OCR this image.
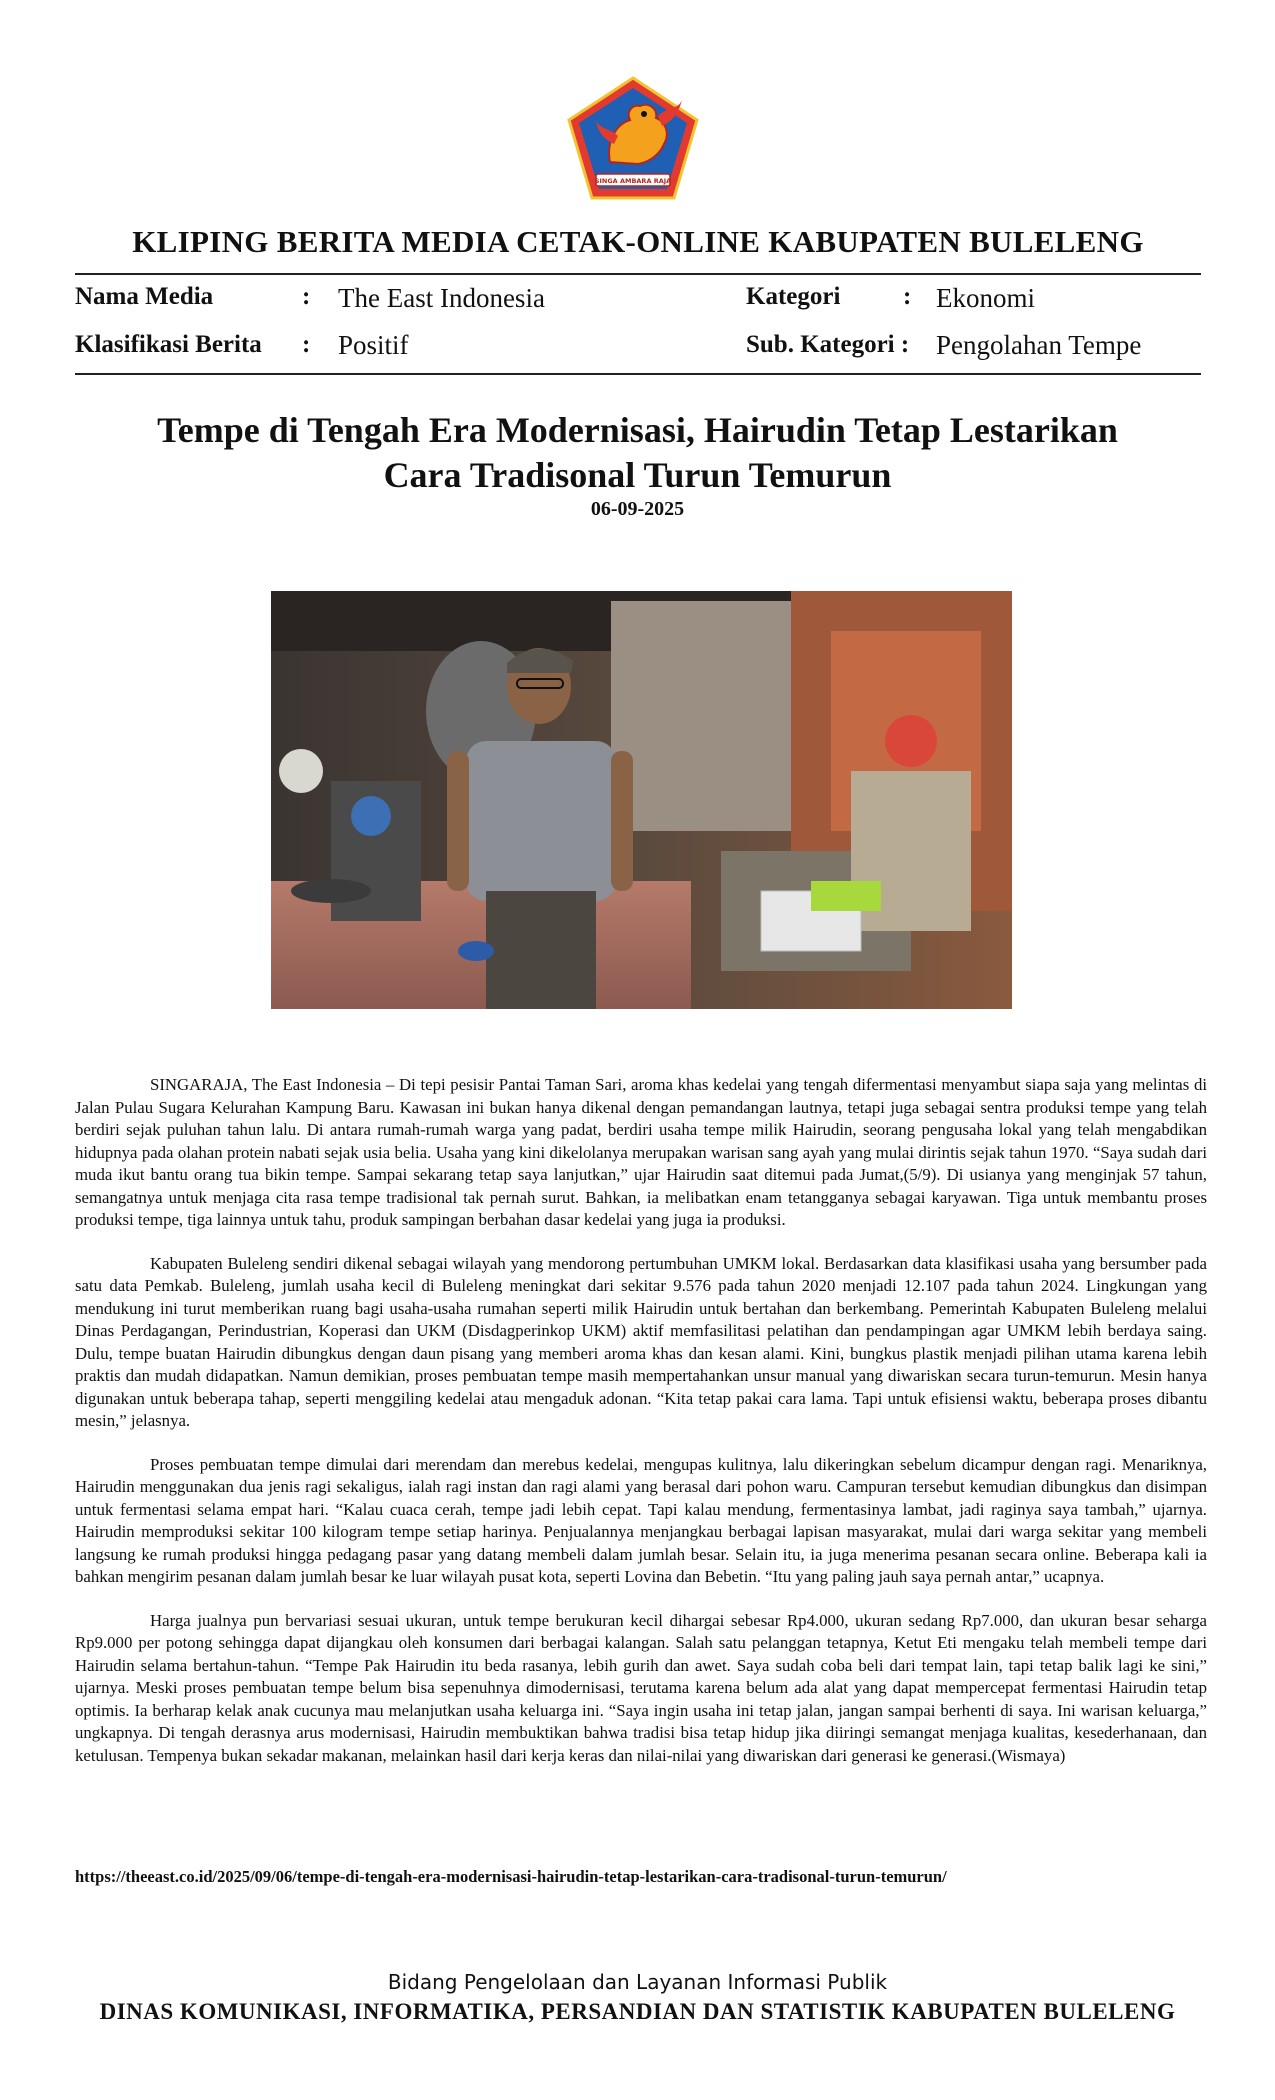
SINGA AMBARA RAJA
KLIPING BERITA MEDIA CETAK-ONLINE KABUPATEN BULELENG
Nama Media	: The East Indonesia	Kategori	: Ekonomi
Klasifikasi Berita : Positif	Sub. Kategori : Pengolahan Tempe
Tempe di Tengah Era Modernisasi, Hairudin Tetap Lestarikan
Cara Tradisonal Turun Temurun
06-09-2025

SINGARAJA, The East Indonesia – Di tepi pesisir Pantai Taman Sari, aroma khas kedelai yang tengah difermentasi menyambut siapa saja yang melintas di Jalan Pulau Sugara Kelurahan Kampung Baru. Kawasan ini bukan hanya dikenal dengan pemandangan lautnya, tetapi juga sebagai sentra produksi tempe yang telah berdiri sejak puluhan tahun lalu. Di antara rumah-rumah warga yang padat, berdiri usaha tempe milik Hairudin, seorang pengusaha lokal yang telah mengabdikan hidupnya pada olahan protein nabati sejak usia belia. Usaha yang kini dikelolanya merupakan warisan sang ayah yang mulai dirintis sejak tahun 1970. “Saya sudah dari muda ikut bantu orang tua bikin tempe. Sampai sekarang tetap saya lanjutkan,” ujar Hairudin saat ditemui pada Jumat,(5/9). Di usianya yang menginjak 57 tahun, semangatnya untuk menjaga cita rasa tempe tradisional tak pernah surut. Bahkan, ia melibatkan enam tetangganya sebagai karyawan. Tiga untuk membantu proses produksi tempe, tiga lainnya untuk tahu, produk sampingan berbahan dasar kedelai yang juga ia produksi.

Kabupaten Buleleng sendiri dikenal sebagai wilayah yang mendorong pertumbuhan UMKM lokal. Berdasarkan data klasifikasi usaha yang bersumber pada satu data Pemkab. Buleleng, jumlah usaha kecil di Buleleng meningkat dari sekitar 9.576 pada tahun 2020 menjadi 12.107 pada tahun 2024. Lingkungan yang mendukung ini turut memberikan ruang bagi usaha-usaha rumahan seperti milik Hairudin untuk bertahan dan berkembang. Pemerintah Kabupaten Buleleng melalui Dinas Perdagangan, Perindustrian, Koperasi dan UKM (Disdagperinkop UKM) aktif memfasilitasi pelatihan dan pendampingan agar UMKM lebih berdaya saing. Dulu, tempe buatan Hairudin dibungkus dengan daun pisang yang memberi aroma khas dan kesan alami. Kini, bungkus plastik menjadi pilihan utama karena lebih praktis dan mudah didapatkan. Namun demikian, proses pembuatan tempe masih mempertahankan unsur manual yang diwariskan secara turun-temurun. Mesin hanya digunakan untuk beberapa tahap, seperti menggiling kedelai atau mengaduk adonan. “Kita tetap pakai cara lama. Tapi untuk efisiensi waktu, beberapa proses dibantu mesin,” jelasnya.

Proses pembuatan tempe dimulai dari merendam dan merebus kedelai, mengupas kulitnya, lalu dikeringkan sebelum dicampur dengan ragi. Menariknya, Hairudin menggunakan dua jenis ragi sekaligus, ialah ragi instan dan ragi alami yang berasal dari pohon waru. Campuran tersebut kemudian dibungkus dan disimpan untuk fermentasi selama empat hari. “Kalau cuaca cerah, tempe jadi lebih cepat. Tapi kalau mendung, fermentasinya lambat, jadi raginya saya tambah,” ujarnya. Hairudin memproduksi sekitar 100 kilogram tempe setiap harinya. Penjualannya menjangkau berbagai lapisan masyarakat, mulai dari warga sekitar yang membeli langsung ke rumah produksi hingga pedagang pasar yang datang membeli dalam jumlah besar. Selain itu, ia juga menerima pesanan secara online. Beberapa kali ia bahkan mengirim pesanan dalam jumlah besar ke luar wilayah pusat kota, seperti Lovina dan Bebetin. “Itu yang paling jauh saya pernah antar,” ucapnya.

Harga jualnya pun bervariasi sesuai ukuran, untuk tempe berukuran kecil dihargai sebesar Rp4.000, ukuran sedang Rp7.000, dan ukuran besar seharga Rp9.000 per potong sehingga dapat dijangkau oleh konsumen dari berbagai kalangan. Salah satu pelanggan tetapnya, Ketut Eti mengaku telah membeli tempe dari Hairudin selama bertahun-tahun. “Tempe Pak Hairudin itu beda rasanya, lebih gurih dan awet. Saya sudah coba beli dari tempat lain, tapi tetap balik lagi ke sini,” ujarnya. Meski proses pembuatan tempe belum bisa sepenuhnya dimodernisasi, terutama karena belum ada alat yang dapat mempercepat fermentasi Hairudin tetap optimis. Ia berharap kelak anak cucunya mau melanjutkan usaha keluarga ini. “Saya ingin usaha ini tetap jalan, jangan sampai berhenti di saya. Ini warisan keluarga,” ungkapnya. Di tengah derasnya arus modernisasi, Hairudin membuktikan bahwa tradisi bisa tetap hidup jika diiringi semangat menjaga kualitas, kesederhanaan, dan ketulusan. Tempenya bukan sekadar makanan, melainkan hasil dari kerja keras dan nilai-nilai yang diwariskan dari generasi ke generasi.(Wismaya)

https://theeast.co.id/2025/09/06/tempe-di-tengah-era-modernisasi-hairudin-tetap-lestarikan-cara-tradisonal-turun-temurun/
Bidang Pengelolaan dan Layanan Informasi Publik
DINAS KOMUNIKASI, INFORMATIKA, PERSANDIAN DAN STATISTIK KABUPATEN BULELENG
